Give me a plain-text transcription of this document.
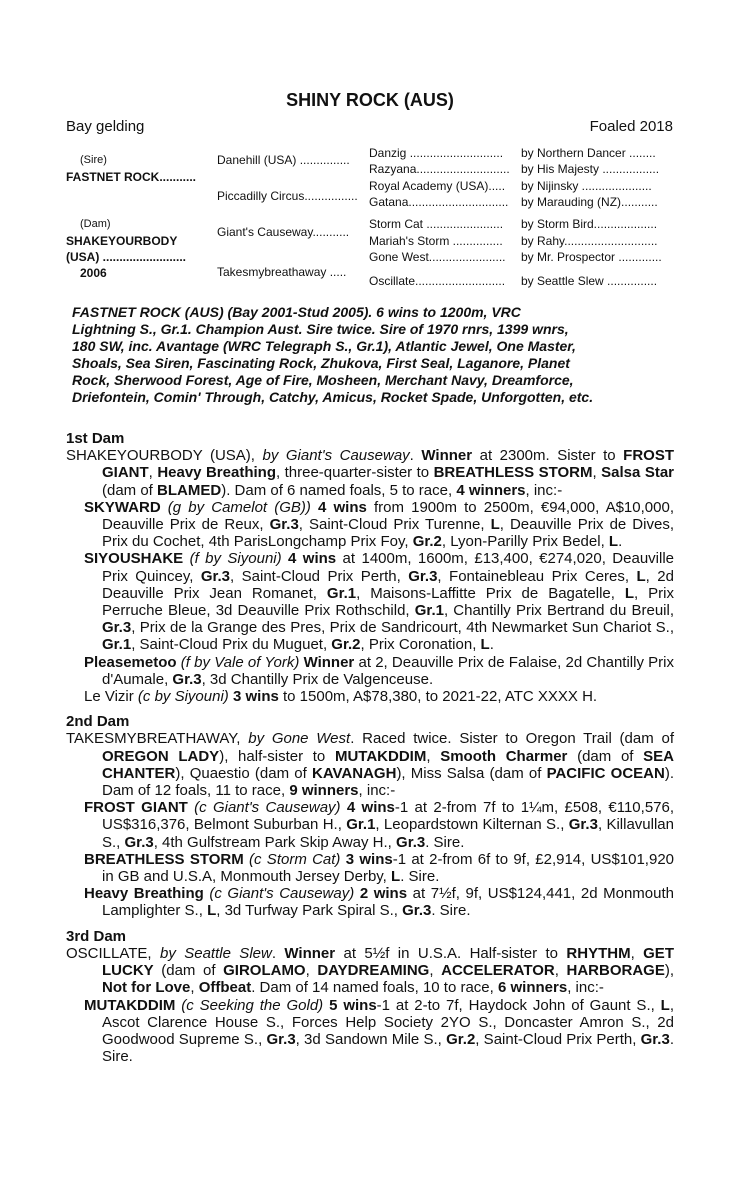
SHINY ROCK (AUS)
Bay gelding	Foaled 2018
(Sire)
FASTNET ROCK...........
(Dam)
SHAKEYOURBODY
(USA) .........................
2006
Danehill (USA) ...............
Piccadilly Circus................
Giant's Causeway...........
Takesmybreathaway .....
Danzig ............................
Razyana............................
Royal Academy (USA).....
Gatana..............................
Storm Cat .......................
Mariah's Storm ...............
Gone West.......................
Oscillate...........................
by Northern Dancer ........
by His Majesty .................
by Nijinsky .....................
by Marauding (NZ)...........
by Storm Bird...................
by Rahy............................
by Mr. Prospector .............
by Seattle Slew ...............
FASTNET ROCK (AUS) (Bay 2001-Stud 2005). 6 wins to 1200m, VRC
Lightning S., Gr.1. Champion Aust. Sire twice. Sire of 1970 rnrs, 1399 wnrs,
180 SW, inc. Avantage (WRC Telegraph S., Gr.1), Atlantic Jewel, One Master,
Shoals, Sea Siren, Fascinating Rock, Zhukova, First Seal, Laganore, Planet
Rock, Sherwood Forest, Age of Fire, Mosheen, Merchant Navy, Dreamforce,
Driefontein, Comin' Through, Catchy, Amicus, Rocket Spade, Unforgotten, etc.
1st Dam
SHAKEYOURBODY (USA), by Giant's Causeway. Winner at 2300m. Sister to FROST GIANT, Heavy Breathing, three-quarter-sister to BREATHLESS STORM, Salsa Star (dam of BLAMED). Dam of 6 named foals, 5 to race, 4 winners, inc:-
SKYWARD (g by Camelot (GB)) 4 wins from 1900m to 2500m, €94,000, A$10,000, Deauville Prix de Reux, Gr.3, Saint-Cloud Prix Turenne, L, Deauville Prix de Dives, Prix du Cochet, 4th ParisLongchamp Prix Foy, Gr.2, Lyon-Parilly Prix Bedel, L.
SIYOUSHAKE (f by Siyouni) 4 wins at 1400m, 1600m, £13,400, €274,020, Deauville Prix Quincey, Gr.3, Saint-Cloud Prix Perth, Gr.3, Fontainebleau Prix Ceres, L, 2d Deauville Prix Jean Romanet, Gr.1, Maisons-Laffitte Prix de Bagatelle, L, Prix Perruche Bleue, 3d Deauville Prix Rothschild, Gr.1, Chantilly Prix Bertrand du Breuil, Gr.3, Prix de la Grange des Pres, Prix de Sandricourt, 4th Newmarket Sun Chariot S., Gr.1, Saint-Cloud Prix du Muguet, Gr.2, Prix Coronation, L.
Pleasemetoo (f by Vale of York) Winner at 2, Deauville Prix de Falaise, 2d Chantilly Prix d'Aumale, Gr.3, 3d Chantilly Prix de Valgenceuse.
Le Vizir (c by Siyouni) 3 wins to 1500m, A$78,380, to 2021-22, ATC XXXX H.
2nd Dam
TAKESMYBREATHAWAY, by Gone West. Raced twice. Sister to Oregon Trail (dam of OREGON LADY), half-sister to MUTAKDDIM, Smooth Charmer (dam of SEA CHANTER), Quaestio (dam of KAVANAGH), Miss Salsa (dam of PACIFIC OCEAN). Dam of 12 foals, 11 to race, 9 winners, inc:-
FROST GIANT (c Giant's Causeway) 4 wins-1 at 2-from 7f to 1¼m, £508, €110,576, US$316,376, Belmont Suburban H., Gr.1, Leopardstown Kilternan S., Gr.3, Killavullan S., Gr.3, 4th Gulfstream Park Skip Away H., Gr.3. Sire.
BREATHLESS STORM (c Storm Cat) 3 wins-1 at 2-from 6f to 9f, £2,914, US$101,920 in GB and U.S.A, Monmouth Jersey Derby, L. Sire.
Heavy Breathing (c Giant's Causeway) 2 wins at 7½f, 9f, US$124,441, 2d Monmouth Lamplighter S., L, 3d Turfway Park Spiral S., Gr.3. Sire.
3rd Dam
OSCILLATE, by Seattle Slew. Winner at 5½f in U.S.A. Half-sister to RHYTHM, GET LUCKY (dam of GIROLAMO, DAYDREAMING, ACCELERATOR, HARBORAGE), Not for Love, Offbeat. Dam of 14 named foals, 10 to race, 6 winners, inc:-
MUTAKDDIM (c Seeking the Gold) 5 wins-1 at 2-to 7f, Haydock John of Gaunt S., L, Ascot Clarence House S., Forces Help Society 2YO S., Doncaster Amron S., 2d Goodwood Supreme S., Gr.3, 3d Sandown Mile S., Gr.2, Saint-Cloud Prix Perth, Gr.3. Sire.
